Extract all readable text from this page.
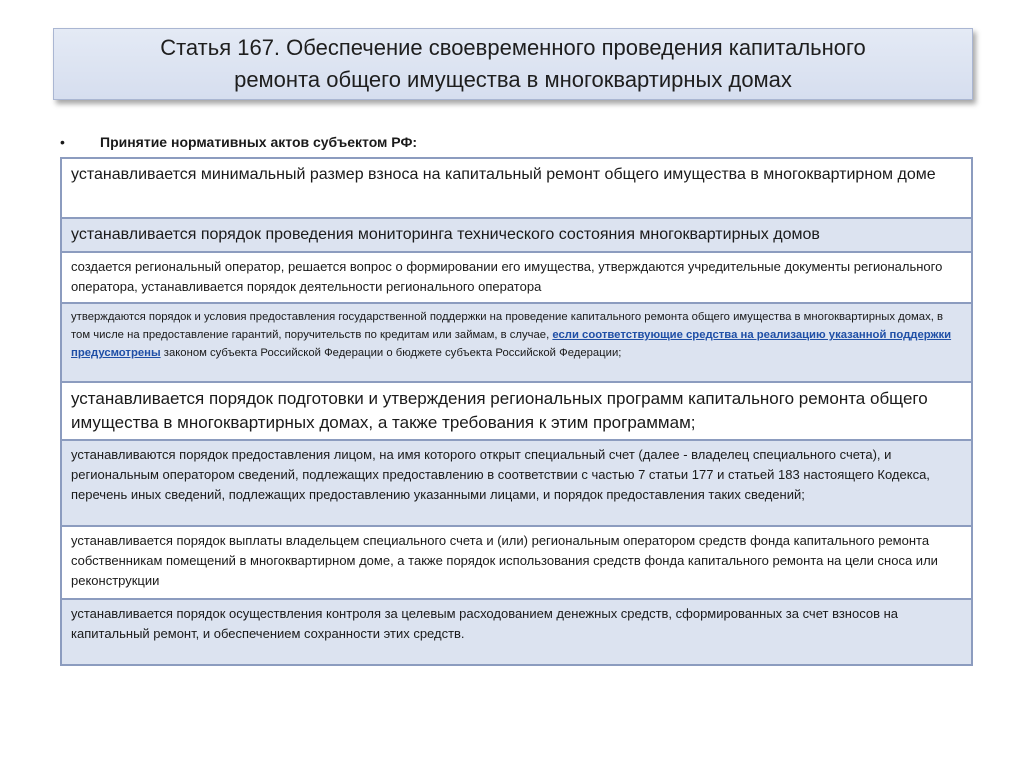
Статья 167. Обеспечение своевременного проведения капитального
ремонта общего имущества в многоквартирных домах
•	Принятие нормативных актов субъектом РФ:
устанавливается минимальный размер взноса на капитальный ремонт общего имущества в многоквартирном доме
устанавливается порядок проведения мониторинга технического состояния многоквартирных домов
создается региональный оператор, решается вопрос о формировании его имущества, утверждаются учредительные документы регионального оператора, устанавливается порядок деятельности регионального оператора
утверждаются порядок и условия предоставления государственной поддержки на проведение капитального ремонта общего имущества в многоквартирных домах, в том числе на предоставление гарантий, поручительств по кредитам или займам, в случае, если соответствующие средства на реализацию указанной поддержки предусмотрены законом субъекта Российской Федерации о бюджете субъекта Российской Федерации;
устанавливается порядок подготовки и утверждения региональных программ капитального ремонта общего имущества в многоквартирных домах, а также требования к этим программам;
устанавливаются порядок предоставления лицом, на имя которого открыт специальный счет (далее - владелец специального счета), и региональным оператором сведений, подлежащих предоставлению в соответствии с частью 7 статьи 177 и статьей 183 настоящего Кодекса, перечень иных сведений, подлежащих предоставлению указанными лицами, и порядок предоставления таких сведений;
устанавливается порядок выплаты владельцем специального счета и (или) региональным оператором средств фонда капитального ремонта собственникам помещений в многоквартирном доме, а также порядок использования средств фонда капитального ремонта на цели сноса или реконструкции
устанавливается порядок осуществления контроля за целевым расходованием денежных средств, сформированных за счет взносов на капитальный ремонт, и обеспечением сохранности этих средств.
